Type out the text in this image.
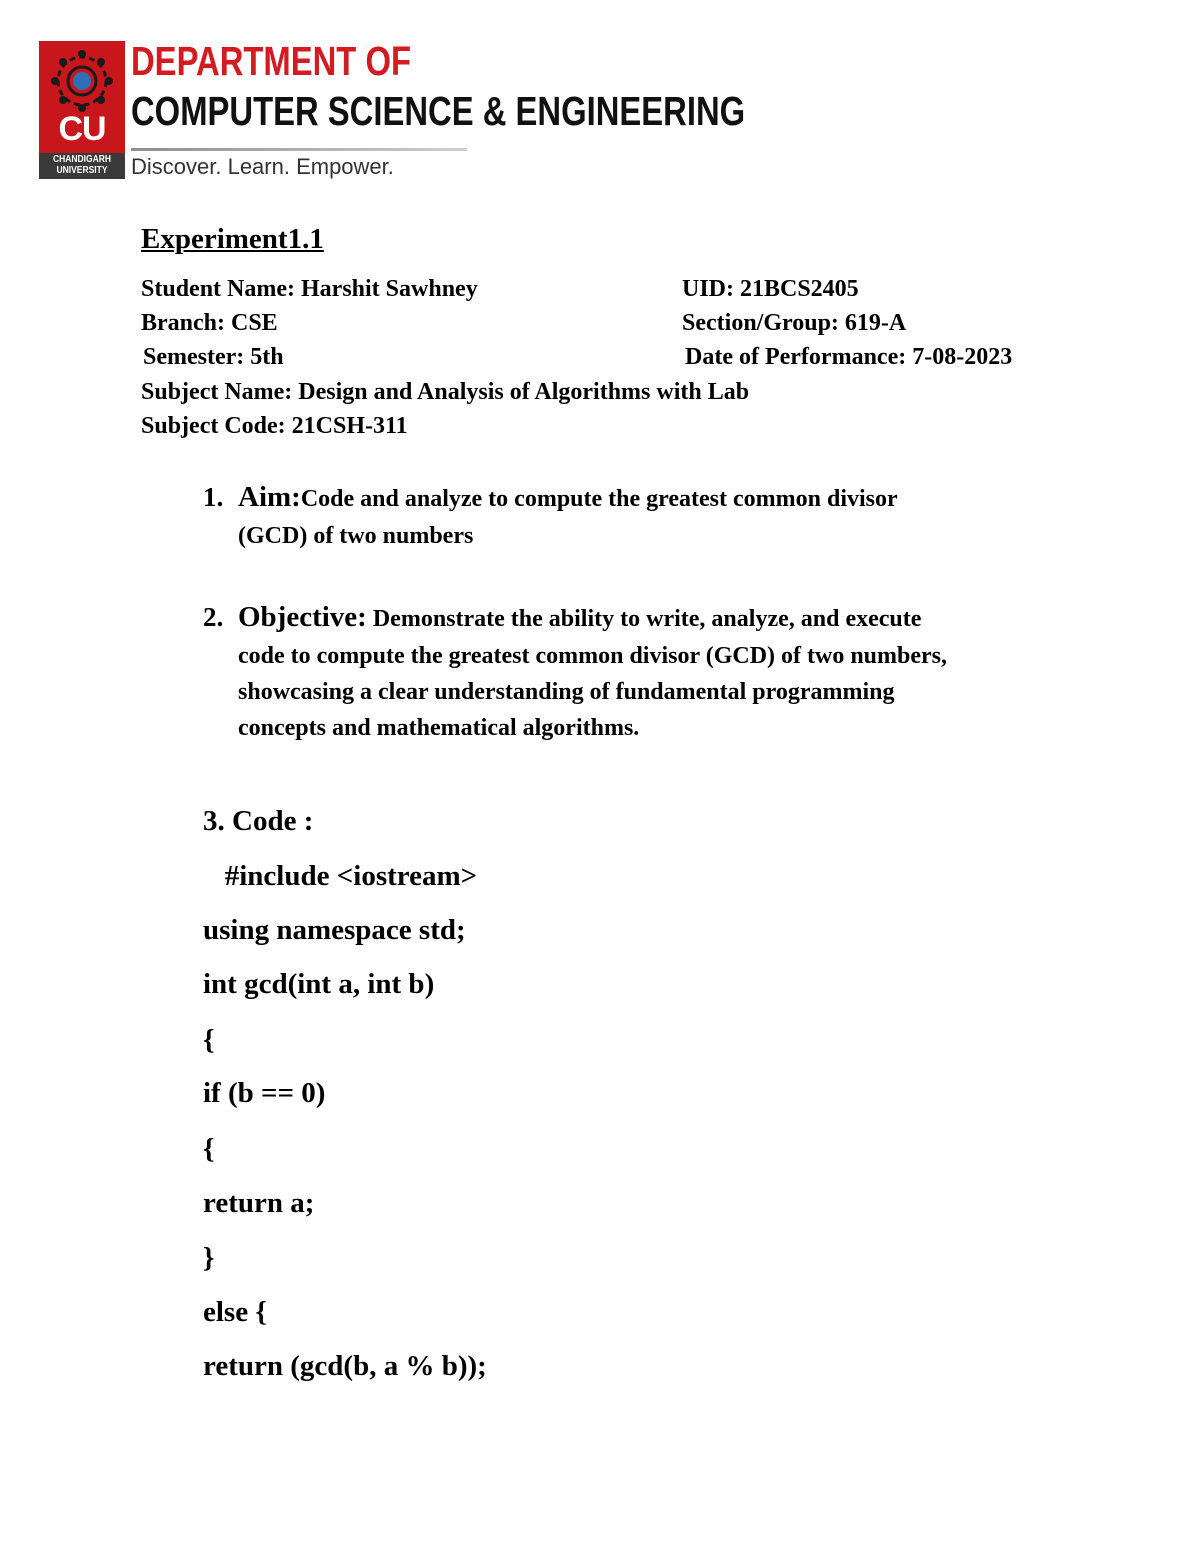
CU
CHANDIGARH
UNIVERSITY
DEPARTMENT OF
COMPUTER SCIENCE & ENGINEERING
Discover. Learn. Empower.
Experiment1.1
Student Name: Harshit Sawhney	UID: 21BCS2405
Branch: CSE	Section/Group: 619-A
Semester: 5th	Date of Performance: 7-08-2023
Subject Name: Design and Analysis of Algorithms with Lab
Subject Code: 21CSH-311
1. Aim: Code and analyze to compute the greatest common divisor
(GCD) of two numbers
2. Objective: Demonstrate the ability to write, analyze, and execute
code to compute the greatest common divisor (GCD) of two numbers,
showcasing a clear understanding of fundamental programming
concepts and mathematical algorithms.
3. Code :
#include <iostream>
using namespace std;
int gcd(int a, int b)
{
if (b == 0)
{
return a;
}
else {
return (gcd(b, a % b));
